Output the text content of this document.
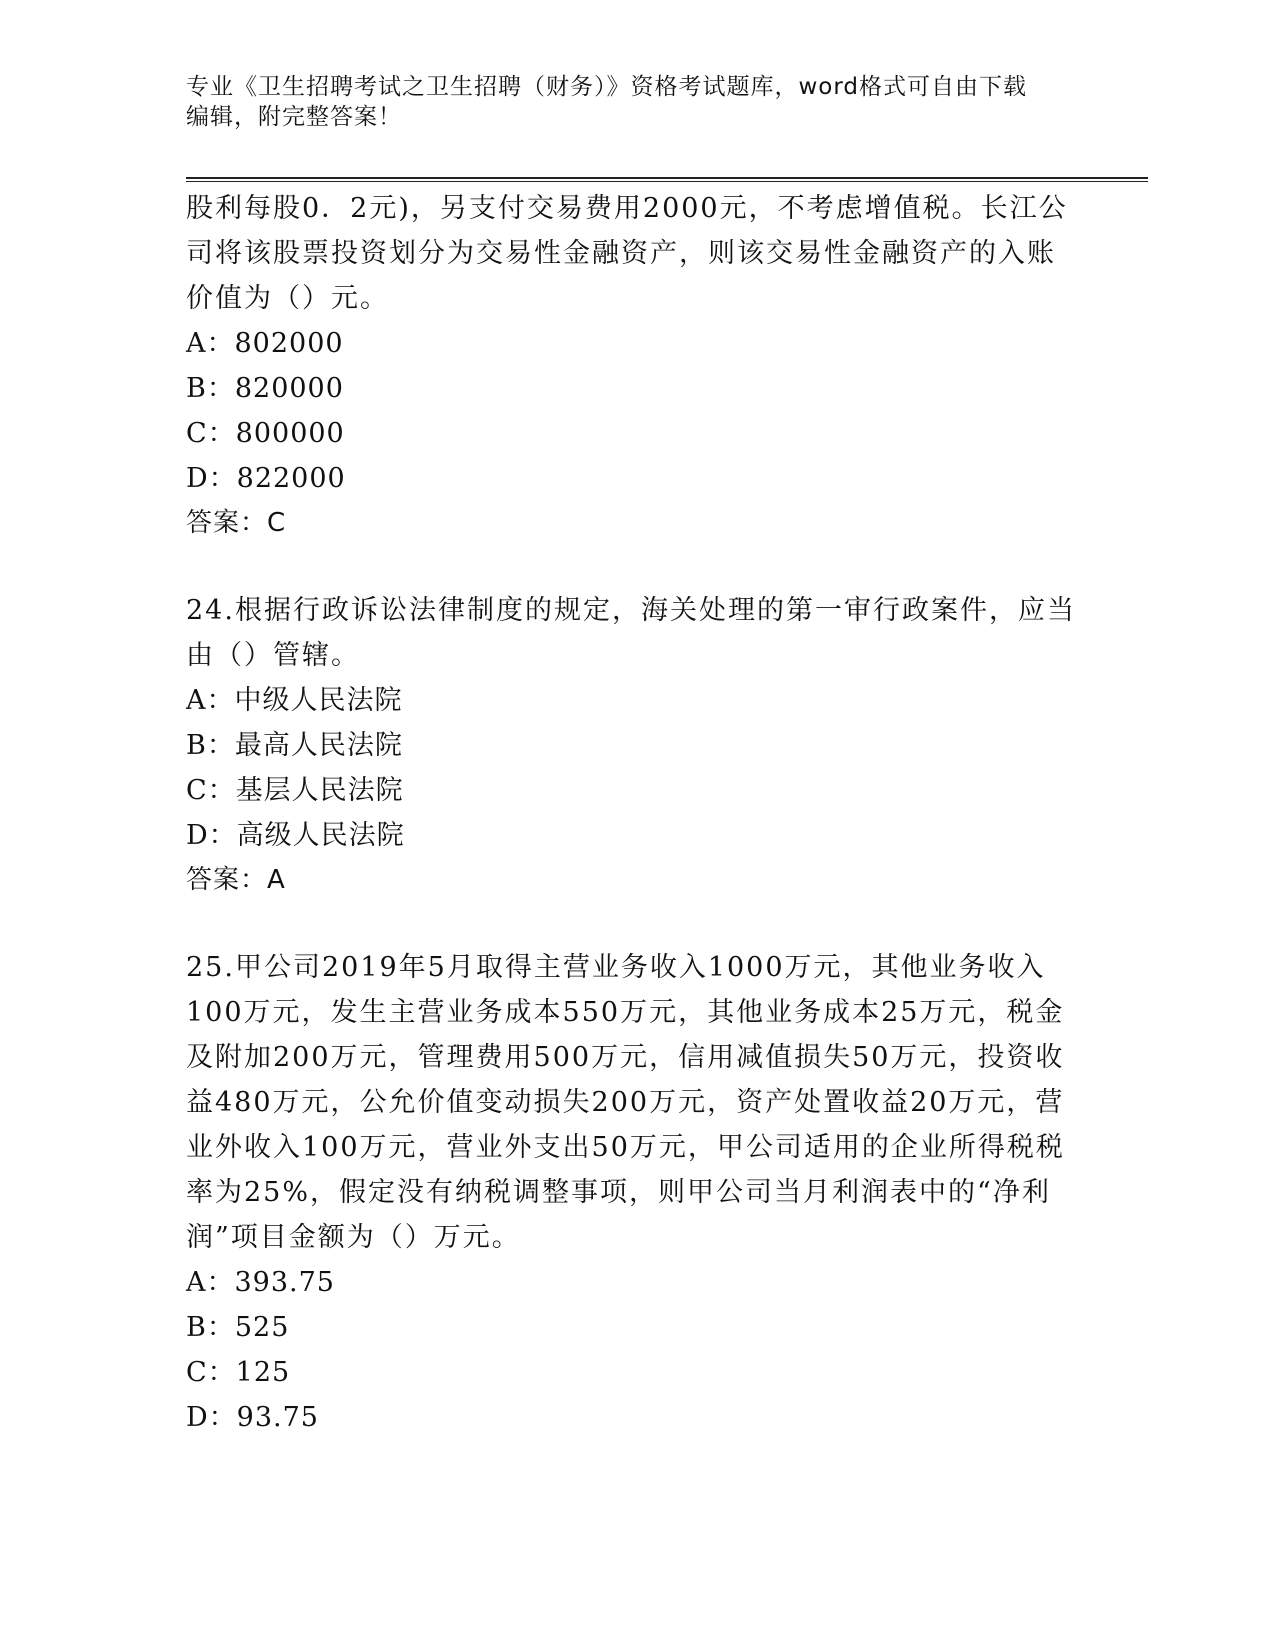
专业《卫生招聘考试之卫生招聘（财务）》资格考试题库，word格式可自由下载
编辑，附完整答案！
股利每股0．2元)，另支付交易费用2000元，不考虑增值税。长江公
司将该股票投资划分为交易性金融资产，则该交易性金融资产的入账
价值为（）元。
A：802000
B：820000
C：800000
D：822000
答案：C
24.根据行政诉讼法律制度的规定，海关处理的第一审行政案件，应当
由（）管辖。
A：中级人民法院
B：最高人民法院
C：基层人民法院
D：高级人民法院
答案：A
25.甲公司2019年5月取得主营业务收入1000万元，其他业务收入
100万元，发生主营业务成本550万元，其他业务成本25万元，税金
及附加200万元，管理费用500万元，信用减值损失50万元，投资收
益480万元，公允价值变动损失200万元，资产处置收益20万元，营
业外收入100万元，营业外支出50万元，甲公司适用的企业所得税税
率为25%，假定没有纳税调整事项，则甲公司当月利润表中的“净利
润”项目金额为（）万元。
A：393.75
B：525
C：125
D：93.75
